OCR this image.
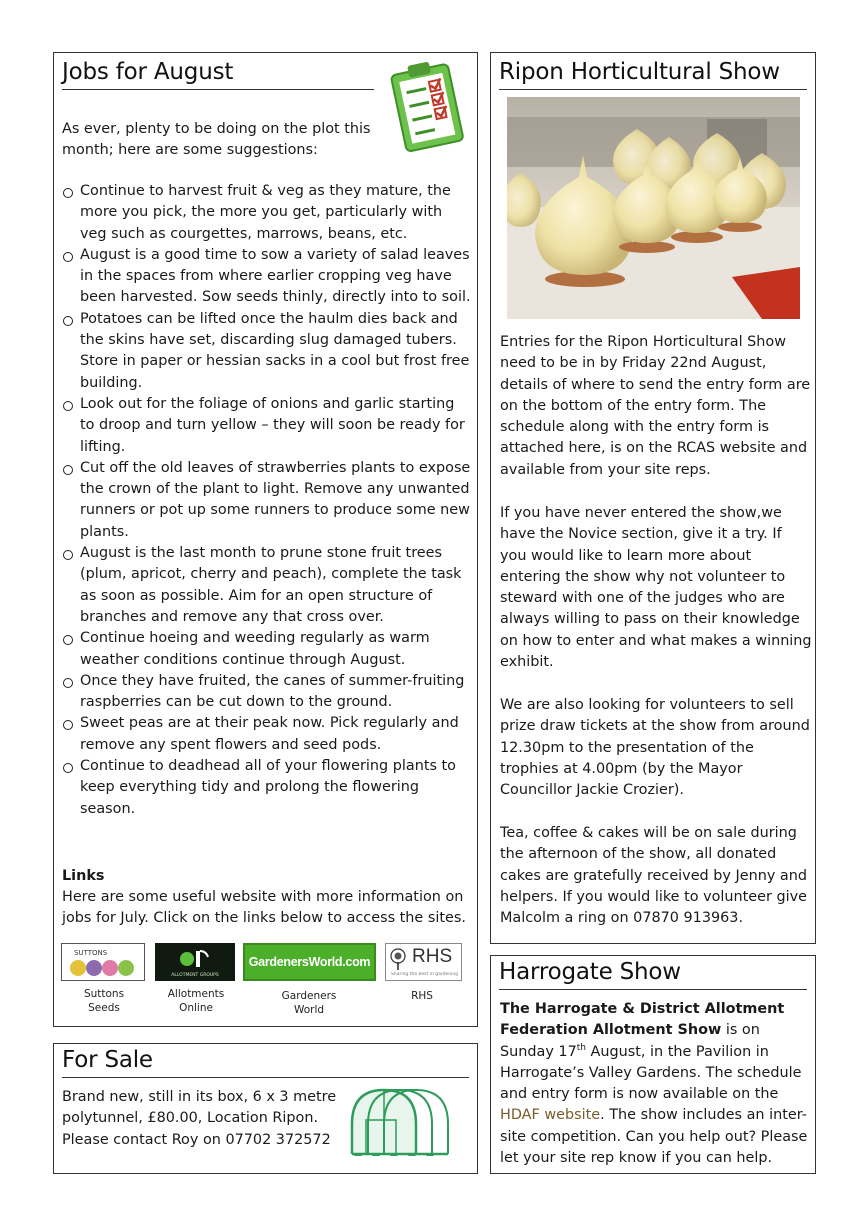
Jobs for August
As ever, plenty to be doing on the plot this month; here are some suggestions:
Continue to harvest fruit & veg as they mature, the more you pick, the more you get, particularly with veg such as courgettes, marrows, beans, etc.
August is a good time to sow a variety of salad leaves in the spaces from where earlier cropping veg have been harvested. Sow seeds thinly, directly into to soil.
Potatoes can be lifted once the haulm dies back and the skins have set, discarding slug damaged tubers. Store in paper or hessian sacks in a cool but frost free building.
Look out for the foliage of onions and garlic starting to droop and turn yellow – they will soon be ready for lifting.
Cut off the old leaves of strawberries plants to expose the crown of the plant to light. Remove any unwanted runners or pot up some runners to produce some new plants.
August is the last month to prune stone fruit trees (plum, apricot, cherry and peach), complete the task as soon as possible. Aim for an open structure of branches and remove any that cross over.
Continue hoeing and weeding regularly as warm weather conditions continue through August.
Once they have fruited, the canes of summer-fruiting raspberries can be cut down to the ground.
Sweet peas are at their peak now. Pick regularly and remove any spent flowers and seed pods.
Continue to deadhead all of your flowering plants to keep everything tidy and prolong the flowering season.
Links
Here are some useful website with more information on jobs for July. Click on the links below to access the sites.
SUTTONS
Suttons Seeds
ALLOTMENT GROUPS
Allotments Online
GardenersWorld.com
Gardeners World
RHS
Sharing the best in gardening
RHS
For Sale
Brand new, still in its box, 6 x 3 metre polytunnel, £80.00, Location Ripon. Please contact Roy on 07702 372572
Ripon Horticultural Show
Entries for the Ripon Horticultural Show need to be in by Friday 22nd August, details of where to send the entry form are on the bottom of the entry form. The schedule along with the entry form is attached here, is on the RCAS website and available from your site reps.
If you have never entered the show,we have the Novice section, give it a try. If you would like to learn more about entering the show why not volunteer to steward with one of the judges who are always willing to pass on their knowledge on how to enter and what makes a winning exhibit.
We are also looking for volunteers to sell prize draw tickets at the show from around 12.30pm to the presentation of the trophies at 4.00pm (by the Mayor Councillor Jackie Crozier).
Tea, coffee & cakes will be on sale during the afternoon of the show, all donated cakes are gratefully received by Jenny and helpers. If you would like to volunteer give Malcolm a ring on 07870 913963.
Harrogate Show
The Harrogate & District Allotment Federation Allotment Show is on Sunday 17th August, in the Pavilion in Harrogate’s Valley Gardens. The schedule and entry form is now available on the HDAF website. The show includes an inter-site competition. Can you help out? Please let your site rep know if you can help.
